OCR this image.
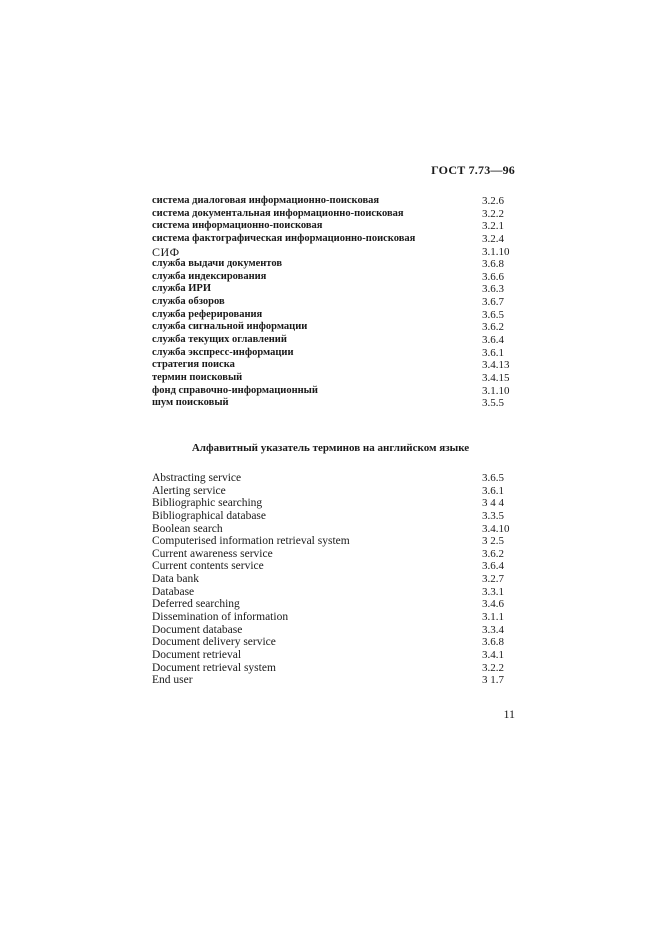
ГОСТ 7.73—96
система диалоговая информационно-поисковая	3.2.6
система документальная информационно-поисковая	3.2.2
система информационно-поисковая	3.2.1
система фактографическая информационно-поисковая	3.2.4
СИФ	3.1.10
служба выдачи документов	3.6.8
служба индексирования	3.6.6
служба ИРИ	3.6.3
служба обзоров	3.6.7
служба реферирования	3.6.5
служба сигнальной информации	3.6.2
служба текущих оглавлений	3.6.4
служба экспресс-информации	3.6.1
стратегия поиска	3.4.13
термин поисковый	3.4.15
фонд справочно-информационный	3.1.10
шум поисковый	3.5.5
Алфавитный указатель терминов на английском языке
Abstracting service	3.6.5
Alerting service	3.6.1
Bibliographic searching	3 4 4
Bibliographical database	3.3.5
Boolean search	3.4.10
Computerised information retrieval system	3 2.5
Current awareness service	3.6.2
Current contents service	3.6.4
Data bank	3.2.7
Database	3.3.1
Deferred searching	3.4.6
Dissemination of information	3.1.1
Document database	3.3.4
Document delivery service	3.6.8
Document retrieval	3.4.1
Document retrieval system	3.2.2
End user	3 1.7
11
